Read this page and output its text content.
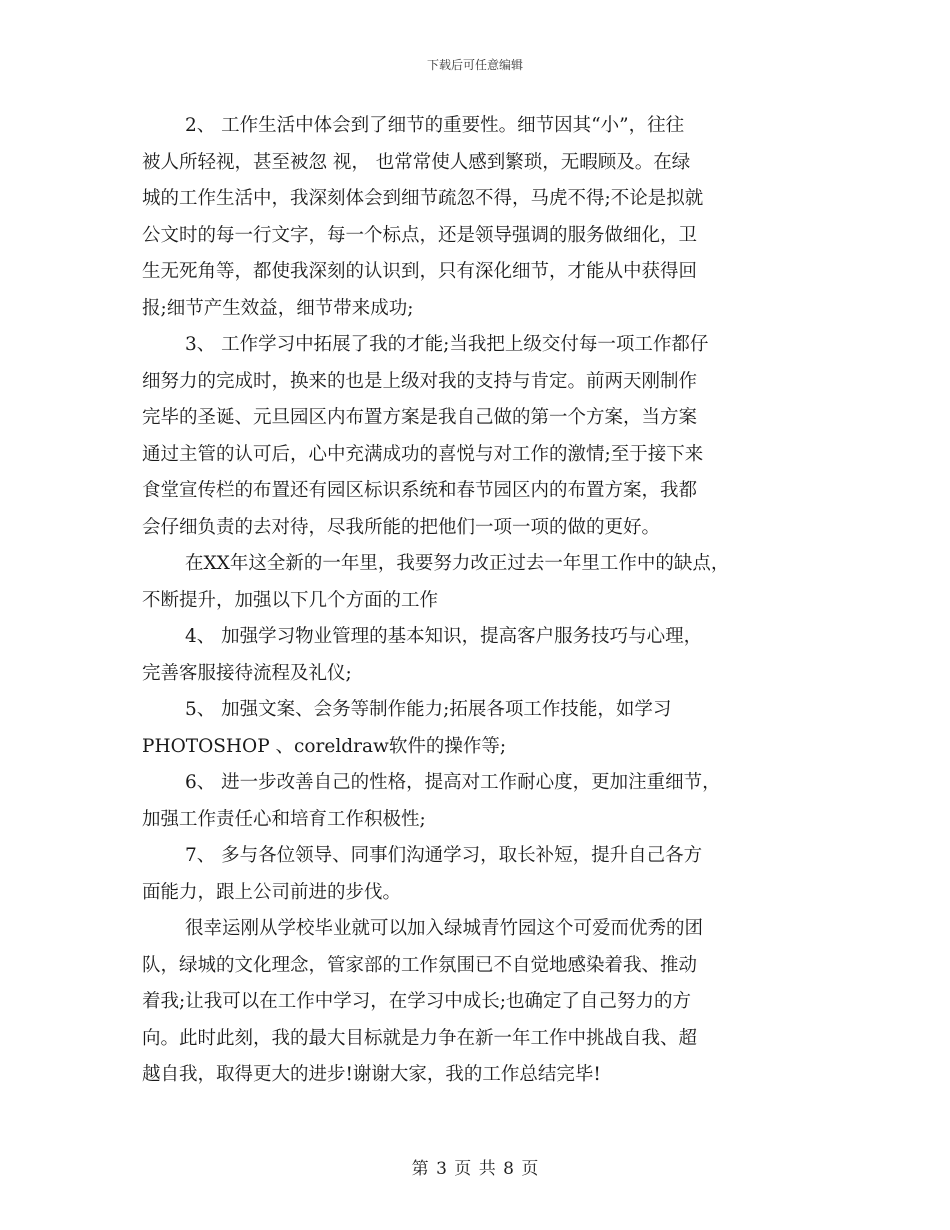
下载后可任意编辑
2、 工作生活中体会到了细节的重要性。细节因其“小”，往往
被人所轻视，甚至被忽 视， 也常常使人感到繁琐，无暇顾及。在绿
城的工作生活中，我深刻体会到细节疏忽不得，马虎不得;不论是拟就
公文时的每一行文字，每一个标点，还是领导强调的服务做细化，卫
生无死角等，都使我深刻的认识到，只有深化细节，才能从中获得回
报;细节产生效益，细节带来成功;
3、 工作学习中拓展了我的才能;当我把上级交付每一项工作都仔
细努力的完成时，换来的也是上级对我的支持与肯定。前两天刚制作
完毕的圣诞、元旦园区内布置方案是我自己做的第一个方案，当方案
通过主管的认可后，心中充满成功的喜悦与对工作的激情;至于接下来
食堂宣传栏的布置还有园区标识系统和春节园区内的布置方案，我都
会仔细负责的去对待，尽我所能的把他们一项一项的做的更好。
在XX年这全新的一年里，我要努力改正过去一年里工作中的缺点，
不断提升，加强以下几个方面的工作
4、 加强学习物业管理的基本知识，提高客户服务技巧与心理，
完善客服接待流程及礼仪;
5、 加强文案、会务等制作能力;拓展各项工作技能，如学习
PHOTOSHOP 、coreldraw软件的操作等;
6、 进一步改善自己的性格，提高对工作耐心度，更加注重细节，
加强工作责任心和培育工作积极性;
7、 多与各位领导、同事们沟通学习，取长补短，提升自己各方
面能力，跟上公司前进的步伐。
很幸运刚从学校毕业就可以加入绿城青竹园这个可爱而优秀的团
队，绿城的文化理念，管家部的工作氛围已不自觉地感染着我、推动
着我;让我可以在工作中学习，在学习中成长;也确定了自己努力的方
向。此时此刻，我的最大目标就是力争在新一年工作中挑战自我、超
越自我，取得更大的进步!谢谢大家，我的工作总结完毕!
第 3 页 共 8 页
